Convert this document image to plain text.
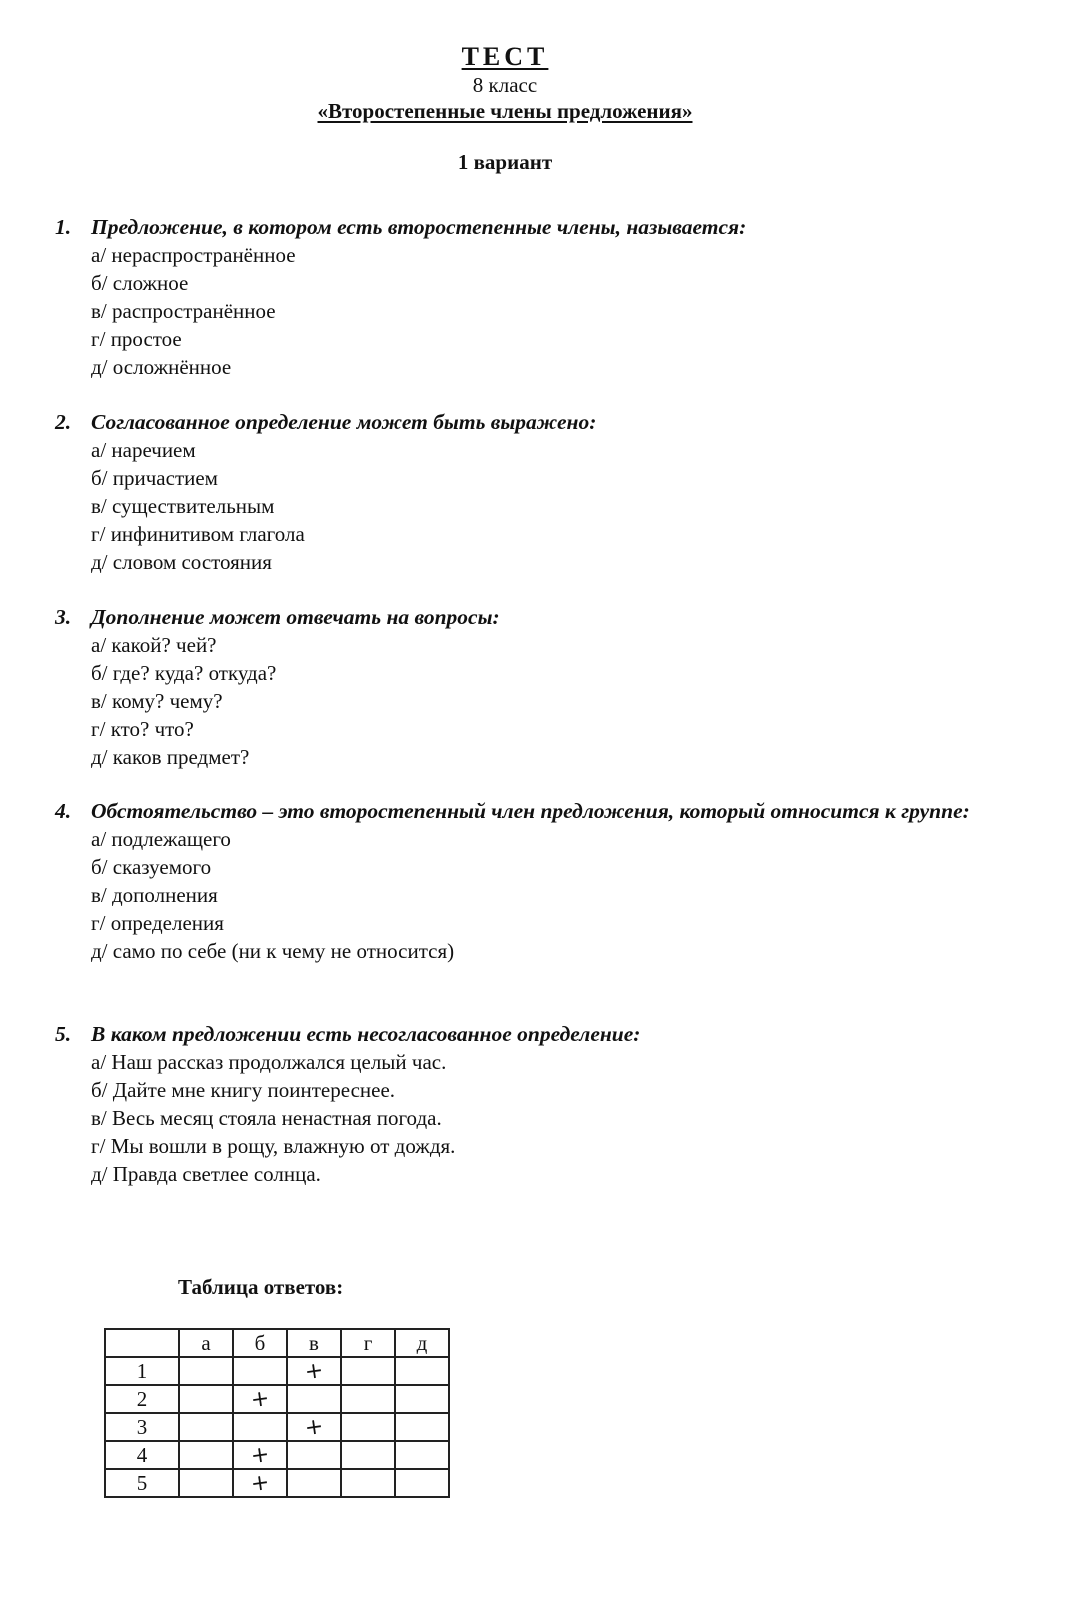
ТЕСТ
8 класс
«Второстепенные члены предложения»
1 вариант
1. Предложение, в котором есть второстепенные члены, называется:
а/ нераспространённое
б/ сложное
в/ распространённое
г/ простое
д/ осложнённое
2. Согласованное определение может быть выражено:
а/ наречием
б/ причастием
в/ существительным
г/ инфинитивом глагола
д/ словом состояния
3. Дополнение может отвечать на вопросы:
а/ какой? чей?
б/ где? куда? откуда?
в/ кому? чему?
г/ кто? что?
д/ каков предмет?
4. Обстоятельство – это второстепенный член предложения, который относится к группе:
а/ подлежащего
б/ сказуемого
в/ дополнения
г/ определения
д/ само по себе (ни к чему не относится)
5. В каком предложении есть несогласованное определение:
а/ Наш рассказ продолжался целый час.
б/ Дайте мне книгу поинтереснее.
в/ Весь месяц стояла ненастная погода.
г/ Мы вошли в рощу, влажную от дождя.
д/ Правда светлее солнца.
Таблица ответов:
	а	б	в	г	д
1			+		
2		+			
3			+		
4		+			
5		+			
